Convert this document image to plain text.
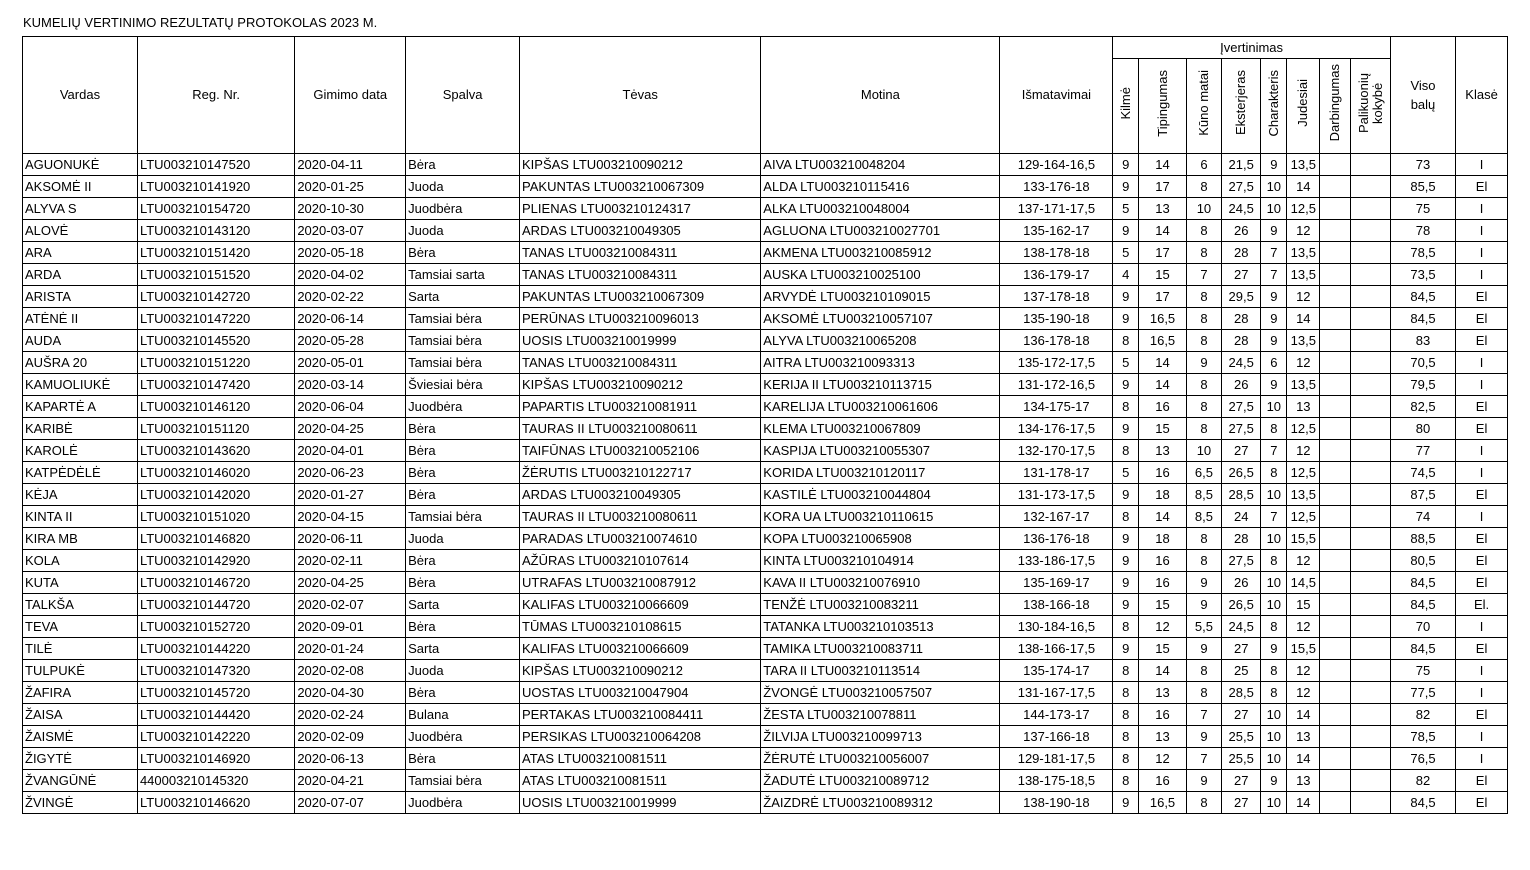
KUMELIŲ VERTINIMO REZULTATŲ PROTOKOLAS 2023 M.
Vardas	Reg. Nr.	Gimimo data	Spalva	Tėvas	Motina	Išmatavimai	Įvertinimas								Viso balų	Klasė
							Kilmė	Tipingumas	Kūno matai	Eksterjeras	Charakteris	Judesiai	Darbingumas	Palikuonių kokybė		
AGUONUKĖ	LTU003210147520	2020-04-11	Bėra	KIPŠAS LTU003210090212	AIVA LTU003210048204	129-164-16,5	9	14	6	21,5	9	13,5			73	I
AKSOMĖ II	LTU003210141920	2020-01-25	Juoda	PAKUNTAS LTU003210067309	ALDA LTU003210115416	133-176-18	9	17	8	27,5	10	14			85,5	El
ALYVA S	LTU003210154720	2020-10-30	Juodbėra	PLIENAS LTU003210124317	ALKA LTU003210048004	137-171-17,5	5	13	10	24,5	10	12,5			75	I
ALOVĖ	LTU003210143120	2020-03-07	Juoda	ARDAS LTU003210049305	AGLUONA LTU003210027701	135-162-17	9	14	8	26	9	12			78	I
ARA	LTU003210151420	2020-05-18	Bėra	TANAS LTU003210084311	AKMENA LTU003210085912	138-178-18	5	17	8	28	7	13,5			78,5	I
ARDA	LTU003210151520	2020-04-02	Tamsiai sarta	TANAS LTU003210084311	AUSKA LTU003210025100	136-179-17	4	15	7	27	7	13,5			73,5	I
ARISTA	LTU003210142720	2020-02-22	Sarta	PAKUNTAS LTU003210067309	ARVYDĖ LTU003210109015	137-178-18	9	17	8	29,5	9	12			84,5	El
ATĖNĖ II	LTU003210147220	2020-06-14	Tamsiai bėra	PERŪNAS LTU003210096013	AKSOMĖ LTU003210057107	135-190-18	9	16,5	8	28	9	14			84,5	El
AUDA	LTU003210145520	2020-05-28	Tamsiai bėra	UOSIS LTU003210019999	ALYVA LTU003210065208	136-178-18	8	16,5	8	28	9	13,5			83	El
AUŠRA 20	LTU003210151220	2020-05-01	Tamsiai bėra	TANAS LTU003210084311	AITRA LTU003210093313	135-172-17,5	5	14	9	24,5	6	12			70,5	I
KAMUOLIUKĖ	LTU003210147420	2020-03-14	Šviesiai bėra	KIPŠAS LTU003210090212	KERIJA II LTU003210113715	131-172-16,5	9	14	8	26	9	13,5			79,5	I
KAPARTĖ A	LTU003210146120	2020-06-04	Juodbėra	PAPARTIS LTU003210081911	KARELIJA LTU003210061606	134-175-17	8	16	8	27,5	10	13			82,5	El
KARIBĖ	LTU003210151120	2020-04-25	Bėra	TAURAS II LTU003210080611	KLEMA LTU003210067809	134-176-17,5	9	15	8	27,5	8	12,5			80	El
KAROLĖ	LTU003210143620	2020-04-01	Bėra	TAIFŪNAS LTU003210052106	KASPIJA LTU003210055307	132-170-17,5	8	13	10	27	7	12			77	I
KATPĖDĖLĖ	LTU003210146020	2020-06-23	Bėra	ŽĖRUTIS LTU003210122717	KORIDA LTU003210120117	131-178-17	5	16	6,5	26,5	8	12,5			74,5	I
KĖJA	LTU003210142020	2020-01-27	Bėra	ARDAS LTU003210049305	KASTILĖ LTU003210044804	131-173-17,5	9	18	8,5	28,5	10	13,5			87,5	El
KINTA II	LTU003210151020	2020-04-15	Tamsiai bėra	TAURAS II LTU003210080611	KORA UA LTU003210110615	132-167-17	8	14	8,5	24	7	12,5			74	I
KIRA MB	LTU003210146820	2020-06-11	Juoda	PARADAS LTU003210074610	KOPA LTU003210065908	136-176-18	9	18	8	28	10	15,5			88,5	El
KOLA	LTU003210142920	2020-02-11	Bėra	AŽŪRAS LTU003210107614	KINTA LTU003210104914	133-186-17,5	9	16	8	27,5	8	12			80,5	El
KUTA	LTU003210146720	2020-04-25	Bėra	UTRAFAS LTU003210087912	KAVA II LTU003210076910	135-169-17	9	16	9	26	10	14,5			84,5	El
TALKŠA	LTU003210144720	2020-02-07	Sarta	KALIFAS LTU003210066609	TENŽĖ LTU003210083211	138-166-18	9	15	9	26,5	10	15			84,5	El.
TEVA	LTU003210152720	2020-09-01	Bėra	TŪMAS LTU003210108615	TATANKA LTU003210103513	130-184-16,5	8	12	5,5	24,5	8	12			70	I
TILĖ	LTU003210144220	2020-01-24	Sarta	KALIFAS LTU003210066609	TAMIKA LTU003210083711	138-166-17,5	9	15	9	27	9	15,5			84,5	El
TULPUKĖ	LTU003210147320	2020-02-08	Juoda	KIPŠAS LTU003210090212	TARA II LTU003210113514	135-174-17	8	14	8	25	8	12			75	I
ŽAFIRA	LTU003210145720	2020-04-30	Bėra	UOSTAS LTU003210047904	ŽVONGĖ LTU003210057507	131-167-17,5	8	13	8	28,5	8	12			77,5	I
ŽAISA	LTU003210144420	2020-02-24	Bulana	PERTAKAS LTU003210084411	ŽESTA LTU003210078811	144-173-17	8	16	7	27	10	14			82	El
ŽAISMĖ	LTU003210142220	2020-02-09	Juodbėra	PERSIKAS LTU003210064208	ŽILVIJA LTU003210099713	137-166-18	8	13	9	25,5	10	13			78,5	I
ŽIGYTĖ	LTU003210146920	2020-06-13	Bėra	ATAS LTU003210081511	ŽĖRUTĖ LTU003210056007	129-181-17,5	8	12	7	25,5	10	14			76,5	I
ŽVANGŪNĖ	440003210145320	2020-04-21	Tamsiai bėra	ATAS LTU003210081511	ŽADUTĖ LTU003210089712	138-175-18,5	8	16	9	27	9	13			82	El
ŽVINGĖ	LTU003210146620	2020-07-07	Juodbėra	UOSIS LTU003210019999	ŽAIZDRĖ LTU003210089312	138-190-18	9	16,5	8	27	10	14			84,5	El
